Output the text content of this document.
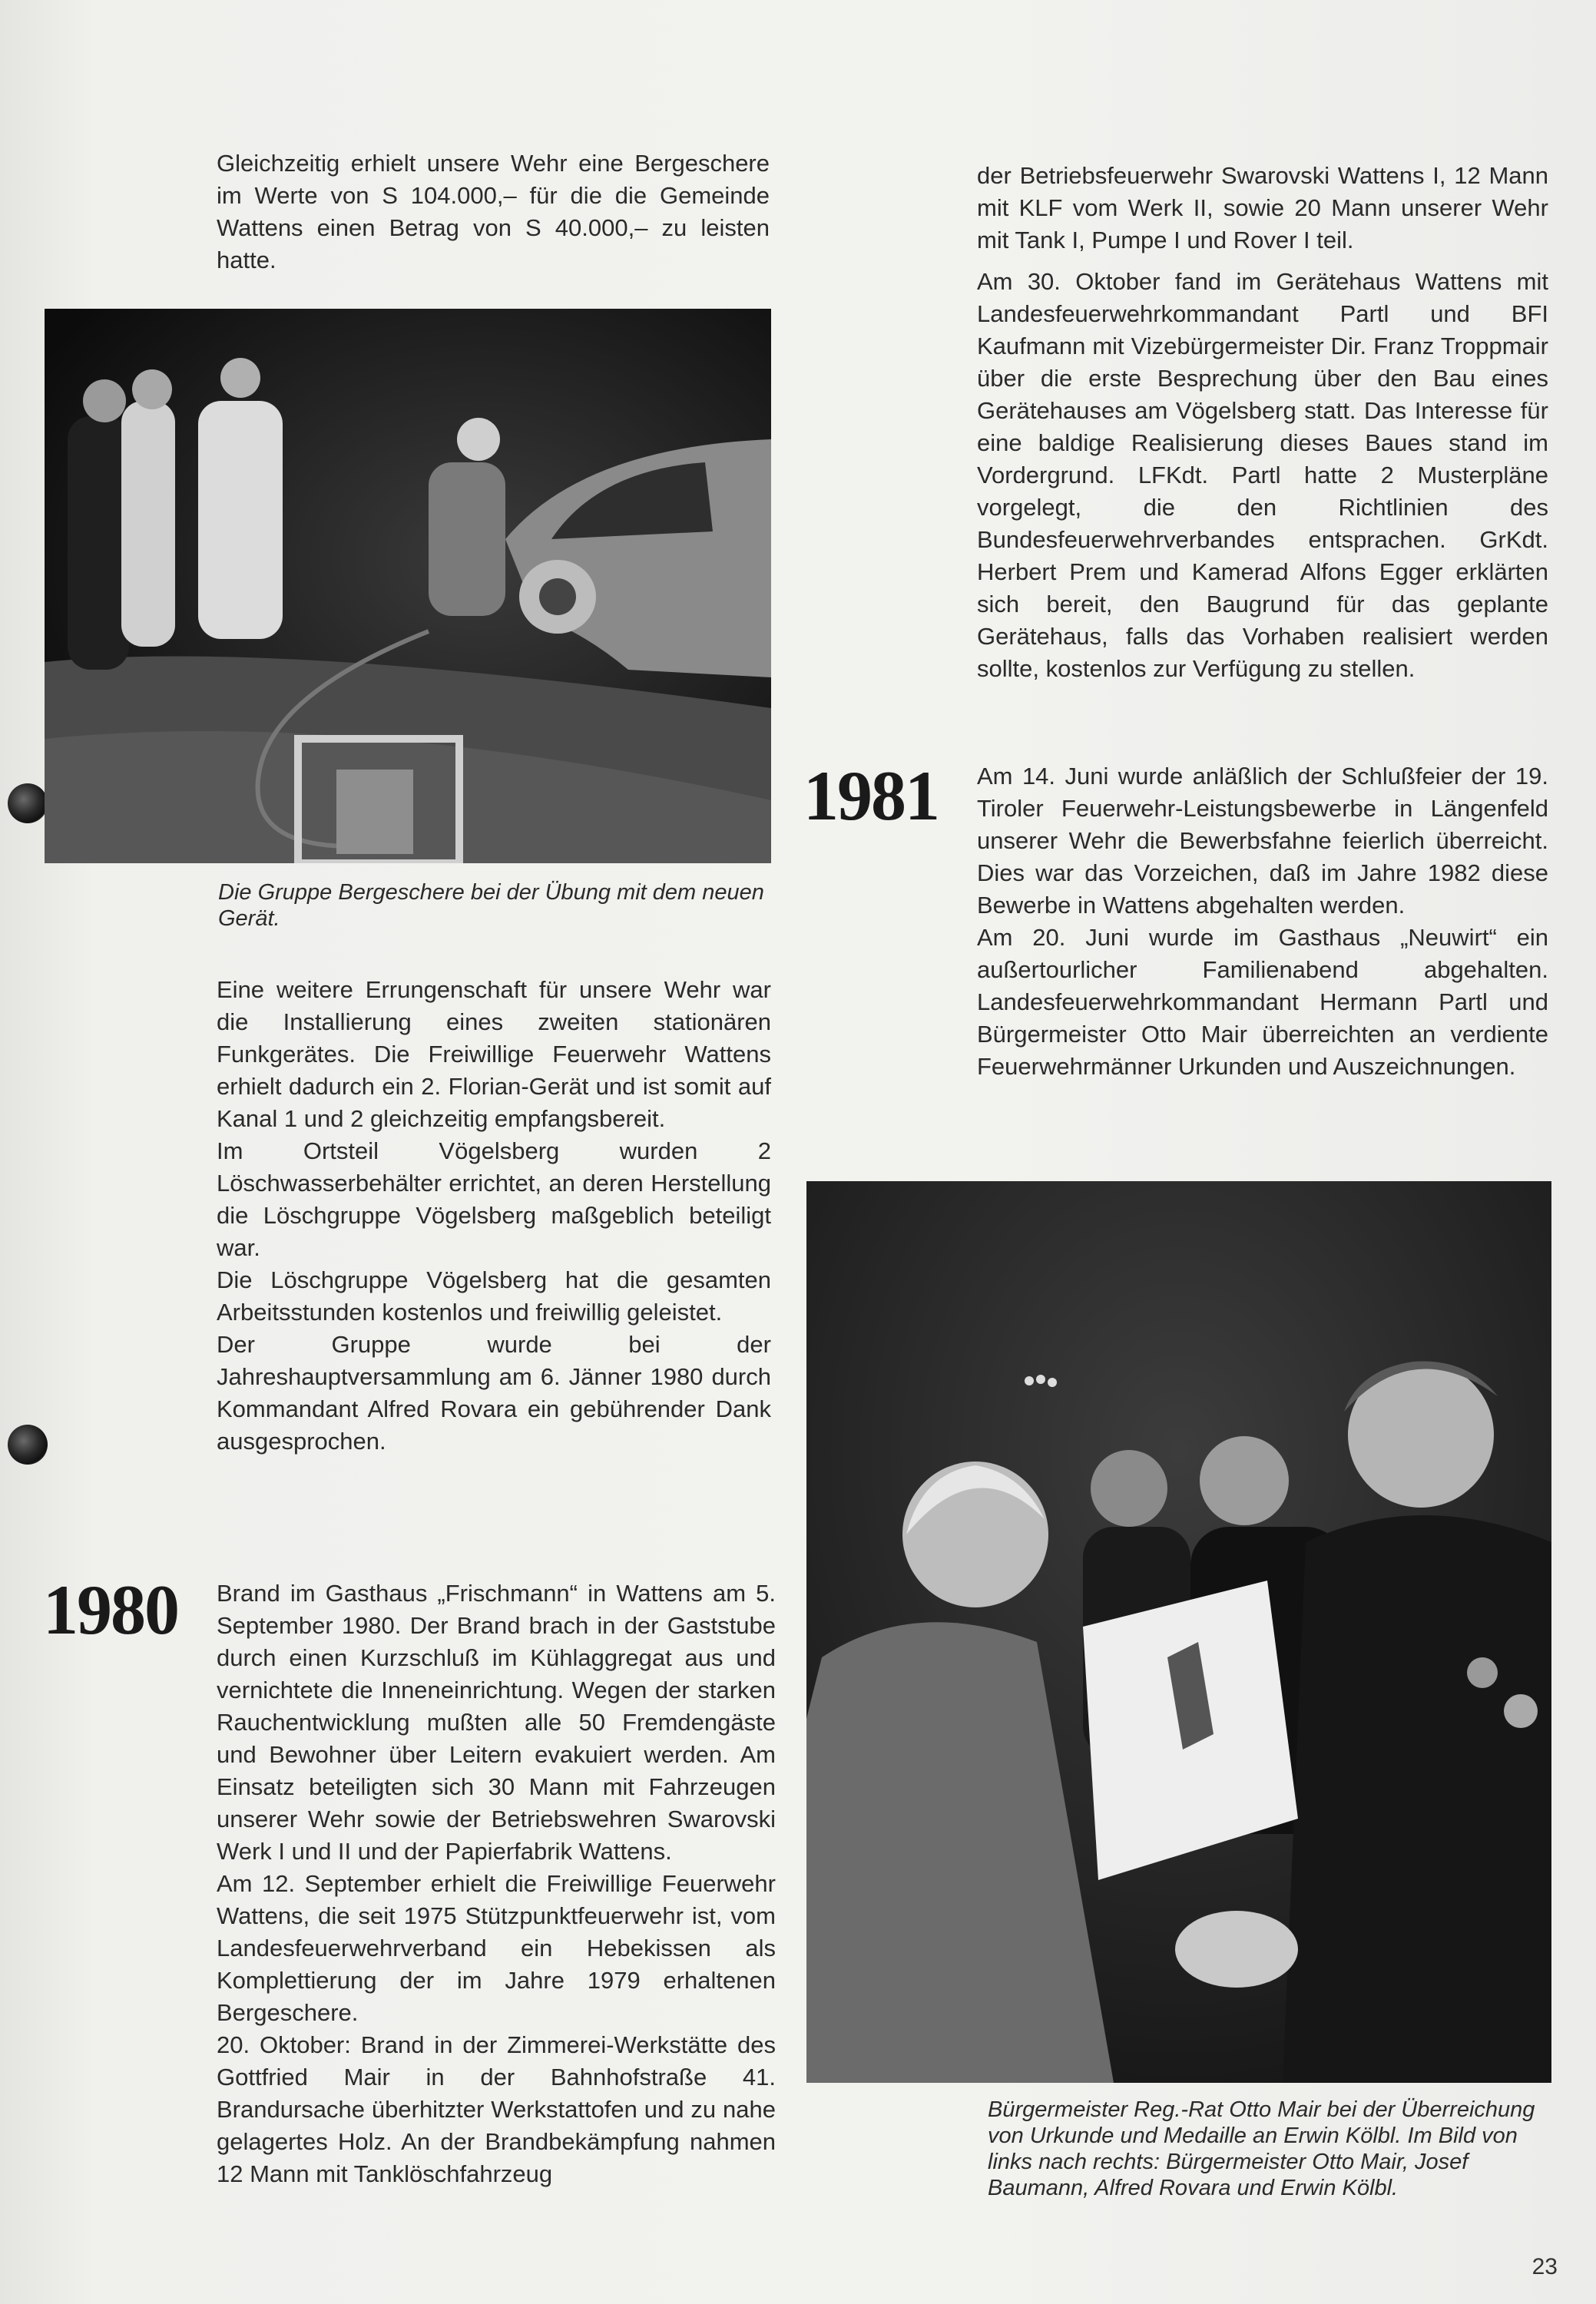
Gleichzeitig erhielt unsere Wehr eine Bergeschere im Werte von S 104.000,– für die die Gemeinde Wattens einen Betrag von S 40.000,– zu leisten hatte.

Die Gruppe Bergeschere bei der Übung mit dem neuen Gerät.

Eine weitere Errungenschaft für unsere Wehr war die Installierung eines zweiten stationären Funkgerätes. Die Freiwillige Feuerwehr Wattens erhielt dadurch ein 2. Florian-Gerät und ist somit auf Kanal 1 und 2 gleichzeitig empfangsbereit.

Im Ortsteil Vögelsberg wurden 2 Löschwasserbehälter errichtet, an deren Herstellung die Löschgruppe Vögelsberg maßgeblich beteiligt war.

Die Löschgruppe Vögelsberg hat die gesamten Arbeitsstunden kostenlos und freiwillig geleistet.

Der Gruppe wurde bei der Jahreshauptversammlung am 6. Jänner 1980 durch Kommandant Alfred Rovara ein gebührender Dank ausgesprochen.

1980 Brand im Gasthaus „Frischmann“ in Wattens am 5. September 1980. Der Brand brach in der Gaststube durch einen Kurzschluß im Kühlaggregat aus und vernichtete die Inneneinrichtung. Wegen der starken Rauchentwicklung mußten alle 50 Fremdengäste und Bewohner über Leitern evakuiert werden. Am Einsatz beteiligten sich 30 Mann mit Fahrzeugen unserer Wehr sowie der Betriebswehren Swarovski Werk I und II und der Papierfabrik Wattens.

Am 12. September erhielt die Freiwillige Feuerwehr Wattens, die seit 1975 Stützpunktfeuerwehr ist, vom Landesfeuerwehrverband ein Hebekissen als Komplettierung der im Jahre 1979 erhaltenen Bergeschere.

20. Oktober: Brand in der Zimmerei-Werkstätte des Gottfried Mair in der Bahnhofstraße 41. Brandursache überhitzter Werkstattofen und zu nahe gelagertes Holz. An der Brandbekämpfung nahmen 12 Mann mit Tanklöschfahrzeug

der Betriebsfeuerwehr Swarovski Wattens I, 12 Mann mit KLF vom Werk II, sowie 20 Mann unserer Wehr mit Tank I, Pumpe I und Rover I teil.

Am 30. Oktober fand im Gerätehaus Wattens mit Landesfeuerwehrkommandant Partl und BFI Kaufmann mit Vizebürgermeister Dir. Franz Troppmair über die erste Besprechung über den Bau eines Gerätehauses am Vögelsberg statt. Das Interesse für eine baldige Realisierung dieses Baues stand im Vordergrund. LFKdt. Partl hatte 2 Musterpläne vorgelegt, die den Richtlinien des Bundesfeuerwehrverbandes entsprachen. GrKdt. Herbert Prem und Kamerad Alfons Egger erklärten sich bereit, den Baugrund für das geplante Gerätehaus, falls das Vorhaben realisiert werden sollte, kostenlos zur Verfügung zu stellen.

1981 Am 14. Juni wurde anläßlich der Schlußfeier der 19. Tiroler Feuerwehr-Leistungsbewerbe in Längenfeld unserer Wehr die Bewerbsfahne feierlich überreicht. Dies war das Vorzeichen, daß im Jahre 1982 diese Bewerbe in Wattens abgehalten werden.

Am 20. Juni wurde im Gasthaus „Neuwirt“ ein außertourlicher Familienabend abgehalten. Landesfeuerwehrkommandant Hermann Partl und Bürgermeister Otto Mair überreichten an verdiente Feuerwehrmänner Urkunden und Auszeichnungen.

Bürgermeister Reg.-Rat Otto Mair bei der Überreichung von Urkunde und Medaille an Erwin Kölbl. Im Bild von links nach rechts: Bürgermeister Otto Mair, Josef Baumann, Alfred Rovara und Erwin Kölbl.
23
